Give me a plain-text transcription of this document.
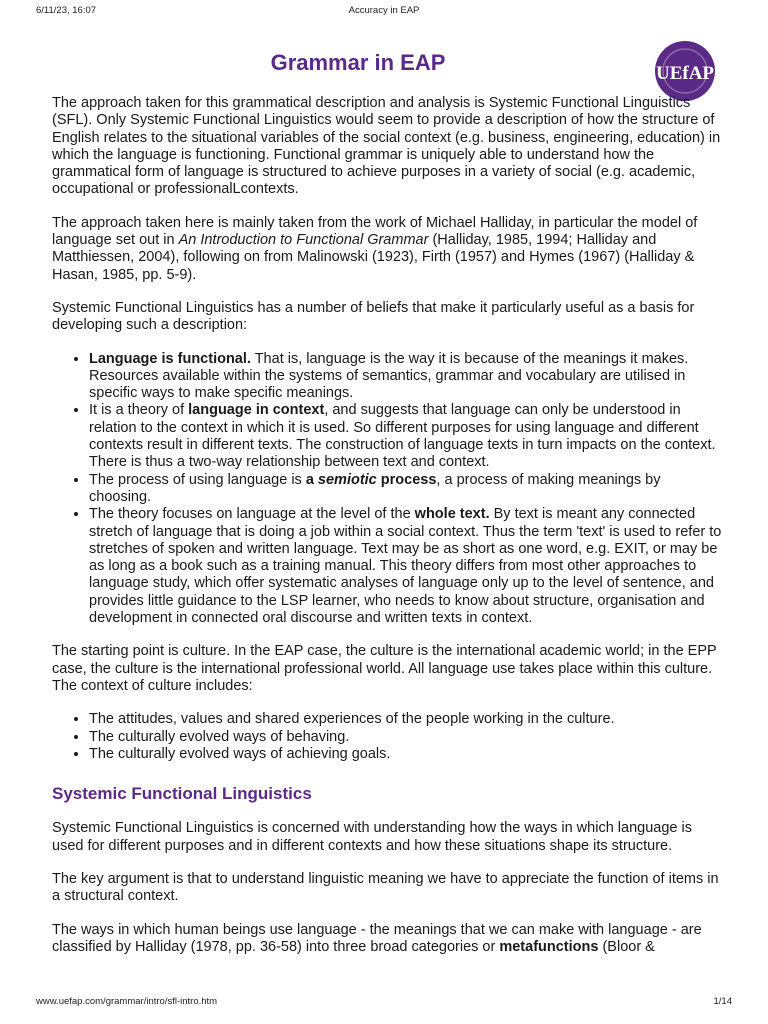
6/11/23, 16:07	Accuracy in EAP
Grammar in EAP	UEfAP

The approach taken for this grammatical description and analysis is Systemic Functional Linguistics (SFL). Only Systemic Functional Linguistics would seem to provide a description of how the structure of English relates to the situational variables of the social context (e.g. business, engineering, education) in which the language is functioning. Functional grammar is uniquely able to understand how the grammatical form of language is structured to achieve purposes in a variety of social (e.g. academic, occupational or professionalLcontexts.

The approach taken here is mainly taken from the work of Michael Halliday, in particular the model of language set out in An Introduction to Functional Grammar (Halliday, 1985, 1994; Halliday and Matthiessen, 2004), following on from Malinowski (1923), Firth (1957) and Hymes (1967) (Halliday & Hasan, 1985, pp. 5-9).

Systemic Functional Linguistics has a number of beliefs that make it particularly useful as a basis for developing such a description:

• Language is functional. That is, language is the way it is because of the meanings it makes. Resources available within the systems of semantics, grammar and vocabulary are utilised in specific ways to make specific meanings.
• It is a theory of language in context, and suggests that language can only be understood in relation to the context in which it is used. So different purposes for using language and different contexts result in different texts. The construction of language texts in turn impacts on the context. There is thus a two-way relationship between text and context.
• The process of using language is a semiotic process, a process of making meanings by choosing.
• The theory focuses on language at the level of the whole text. By text is meant any connected stretch of language that is doing a job within a social context. Thus the term 'text' is used to refer to stretches of spoken and written language. Text may be as short as one word, e.g. EXIT, or may be as long as a book such as a training manual. This theory differs from most other approaches to language study, which offer systematic analyses of language only up to the level of sentence, and provides little guidance to the LSP learner, who needs to know about structure, organisation and development in connected oral discourse and written texts in context.

The starting point is culture. In the EAP case, the culture is the international academic world; in the EPP case, the culture is the international professional world. All language use takes place within this culture. The context of culture includes:

• The attitudes, values and shared experiences of the people working in the culture.
• The culturally evolved ways of behaving.
• The culturally evolved ways of achieving goals.
Systemic Functional Linguistics

Systemic Functional Linguistics is concerned with understanding how the ways in which language is used for different purposes and in different contexts and how these situations shape its structure.

The key argument is that to understand linguistic meaning we have to appreciate the function of items in a structural context.

The ways in which human beings use language - the meanings that we can make with language - are classified by Halliday (1978, pp. 36-58) into three broad categories or metafunctions (Bloor &

www.uefap.com/grammar/intro/sfl-intro.htm	1/14
